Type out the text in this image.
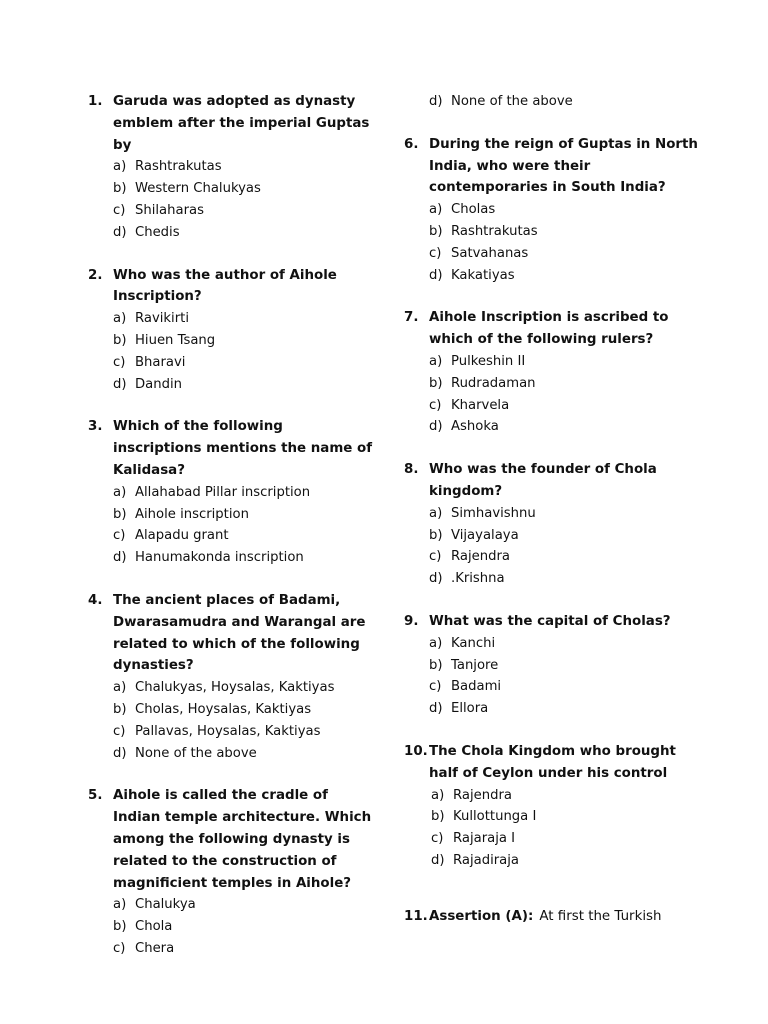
1. Garuda was adopted as dynasty emblem after the imperial Guptas by
a) Rashtrakutas
b) Western Chalukyas
c) Shilaharas
d) Chedis
2. Who was the author of Aihole Inscription?
a) Ravikirti
b) Hiuen Tsang
c) Bharavi
d) Dandin
3. Which of the following inscriptions mentions the name of Kalidasa?
a) Allahabad Pillar inscription
b) Aihole inscription
c) Alapadu grant
d) Hanumakonda inscription
4. The ancient places of Badami, Dwarasamudra and Warangal are related to which of the following dynasties?
a) Chalukyas, Hoysalas, Kaktiyas
b) Cholas, Hoysalas, Kaktiyas
c) Pallavas, Hoysalas, Kaktiyas
d) None of the above
5. Aihole is called the cradle of Indian temple architecture. Which among the following dynasty is related to the construction of magnificient temples in Aihole?
a) Chalukya
b) Chola
c) Chera
d) None of the above
6. During the reign of Guptas in North India, who were their contemporaries in South India?
a) Cholas
b) Rashtrakutas
c) Satvahanas
d) Kakatiyas
7. Aihole Inscription is ascribed to which of the following rulers?
a) Pulkeshin II
b) Rudradaman
c) Kharvela
d) Ashoka
8. Who was the founder of Chola kingdom?
a) Simhavishnu
b) Vijayalaya
c) Rajendra
d) .Krishna
9. What was the capital of Cholas?
a) Kanchi
b) Tanjore
c) Badami
d) Ellora
10. The Chola Kingdom who brought half of Ceylon under his control
a) Rajendra
b) Kullottunga I
c) Rajaraja I
d) Rajadiraja
11. Assertion (A): At first the Turkish
